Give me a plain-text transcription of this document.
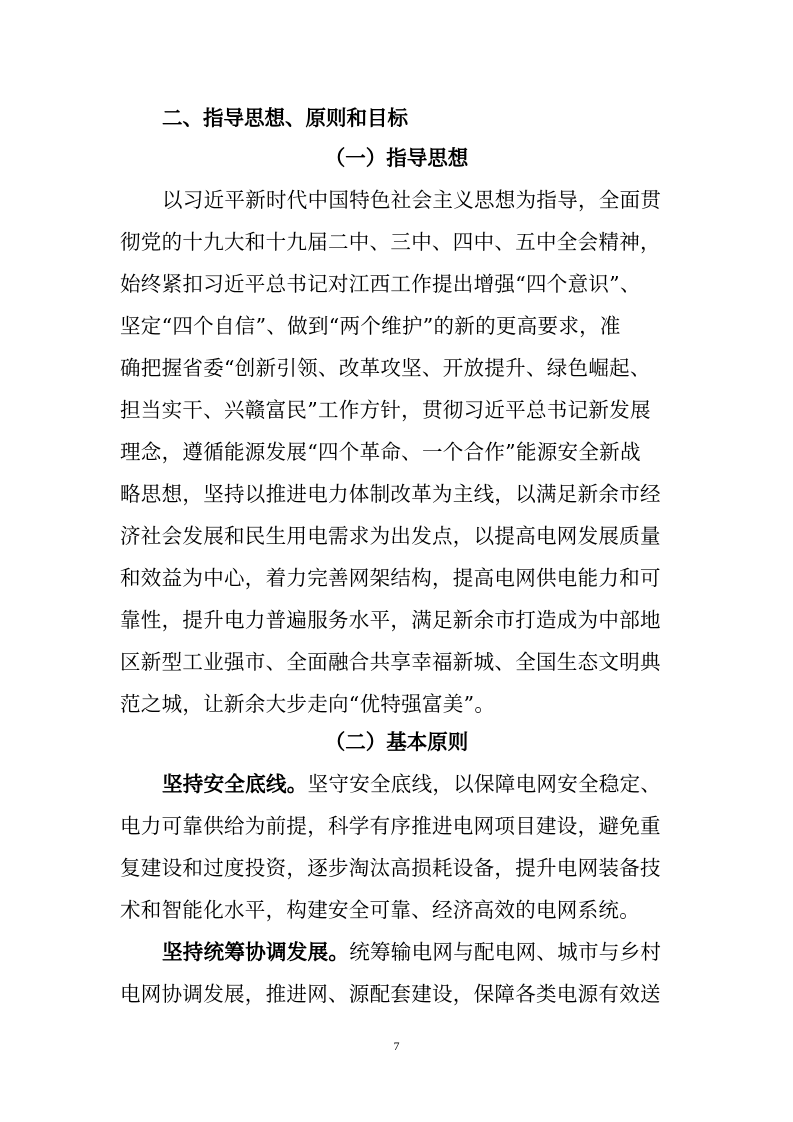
二、指导思想、原则和目标
（一）指导思想
以习近平新时代中国特色社会主义思想为指导，全面贯
彻党的十九大和十九届二中、三中、四中、五中全会精神，
始终紧扣习近平总书记对江西工作提出增强“四个意识”、
坚定“四个自信”、做到“两个维护”的新的更高要求，准
确把握省委“创新引领、改革攻坚、开放提升、绿色崛起、
担当实干、兴赣富民”工作方针，贯彻习近平总书记新发展
理念，遵循能源发展“四个革命、一个合作”能源安全新战
略思想，坚持以推进电力体制改革为主线，以满足新余市经
济社会发展和民生用电需求为出发点，以提高电网发展质量
和效益为中心，着力完善网架结构，提高电网供电能力和可
靠性，提升电力普遍服务水平，满足新余市打造成为中部地
区新型工业强市、全面融合共享幸福新城、全国生态文明典
范之城，让新余大步走向“优特强富美”。
（二）基本原则
坚持安全底线。坚守安全底线，以保障电网安全稳定、
电力可靠供给为前提，科学有序推进电网项目建设，避免重
复建设和过度投资，逐步淘汰高损耗设备，提升电网装备技
术和智能化水平，构建安全可靠、经济高效的电网系统。
坚持统筹协调发展。统筹输电网与配电网、城市与乡村
电网协调发展，推进网、源配套建设，保障各类电源有效送
7
